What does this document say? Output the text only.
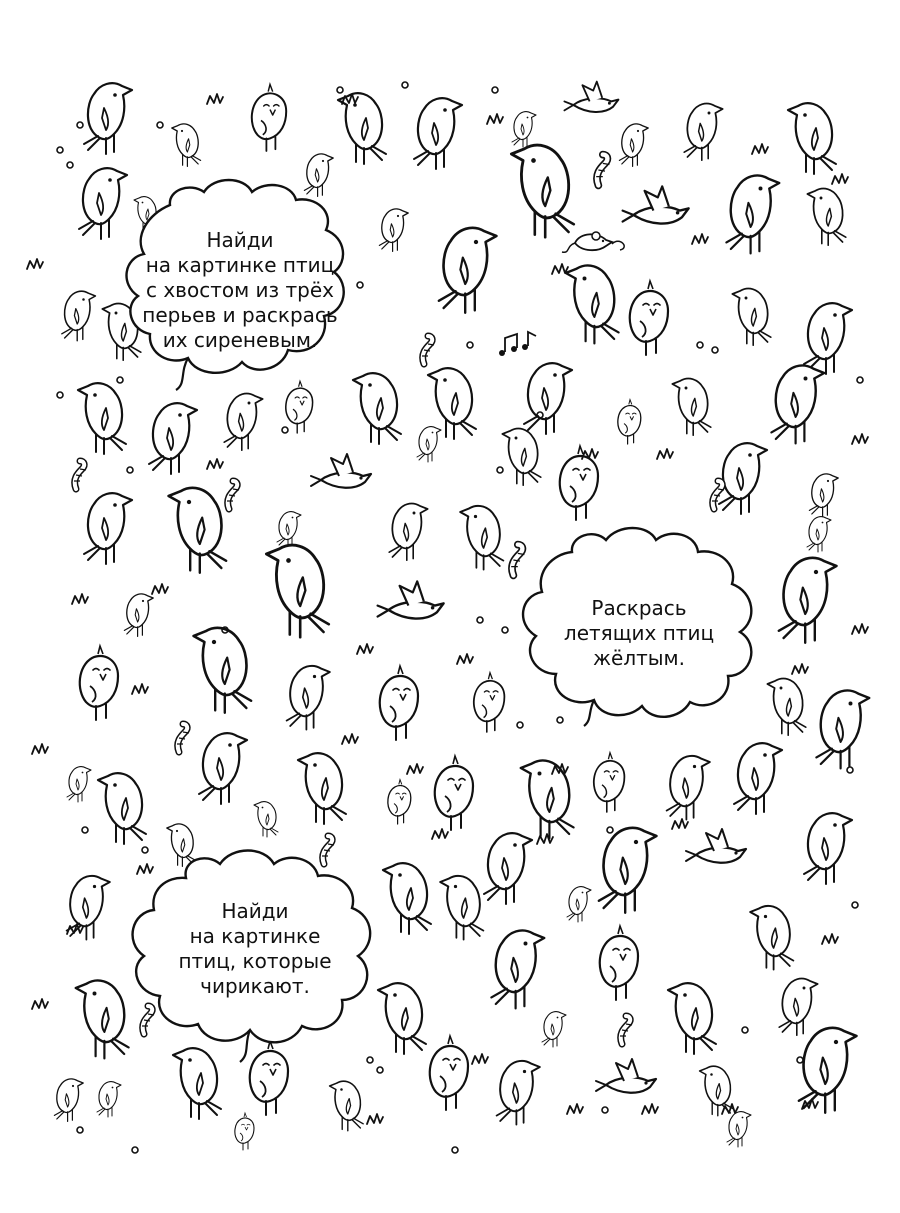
Найди
на картинке птиц
с хвостом из трёх
перьев и раскрась
их сиреневым.
Раскрась
летящих птиц
жёлтым.
Найди
на картинке
птиц, которые
чирикают.
